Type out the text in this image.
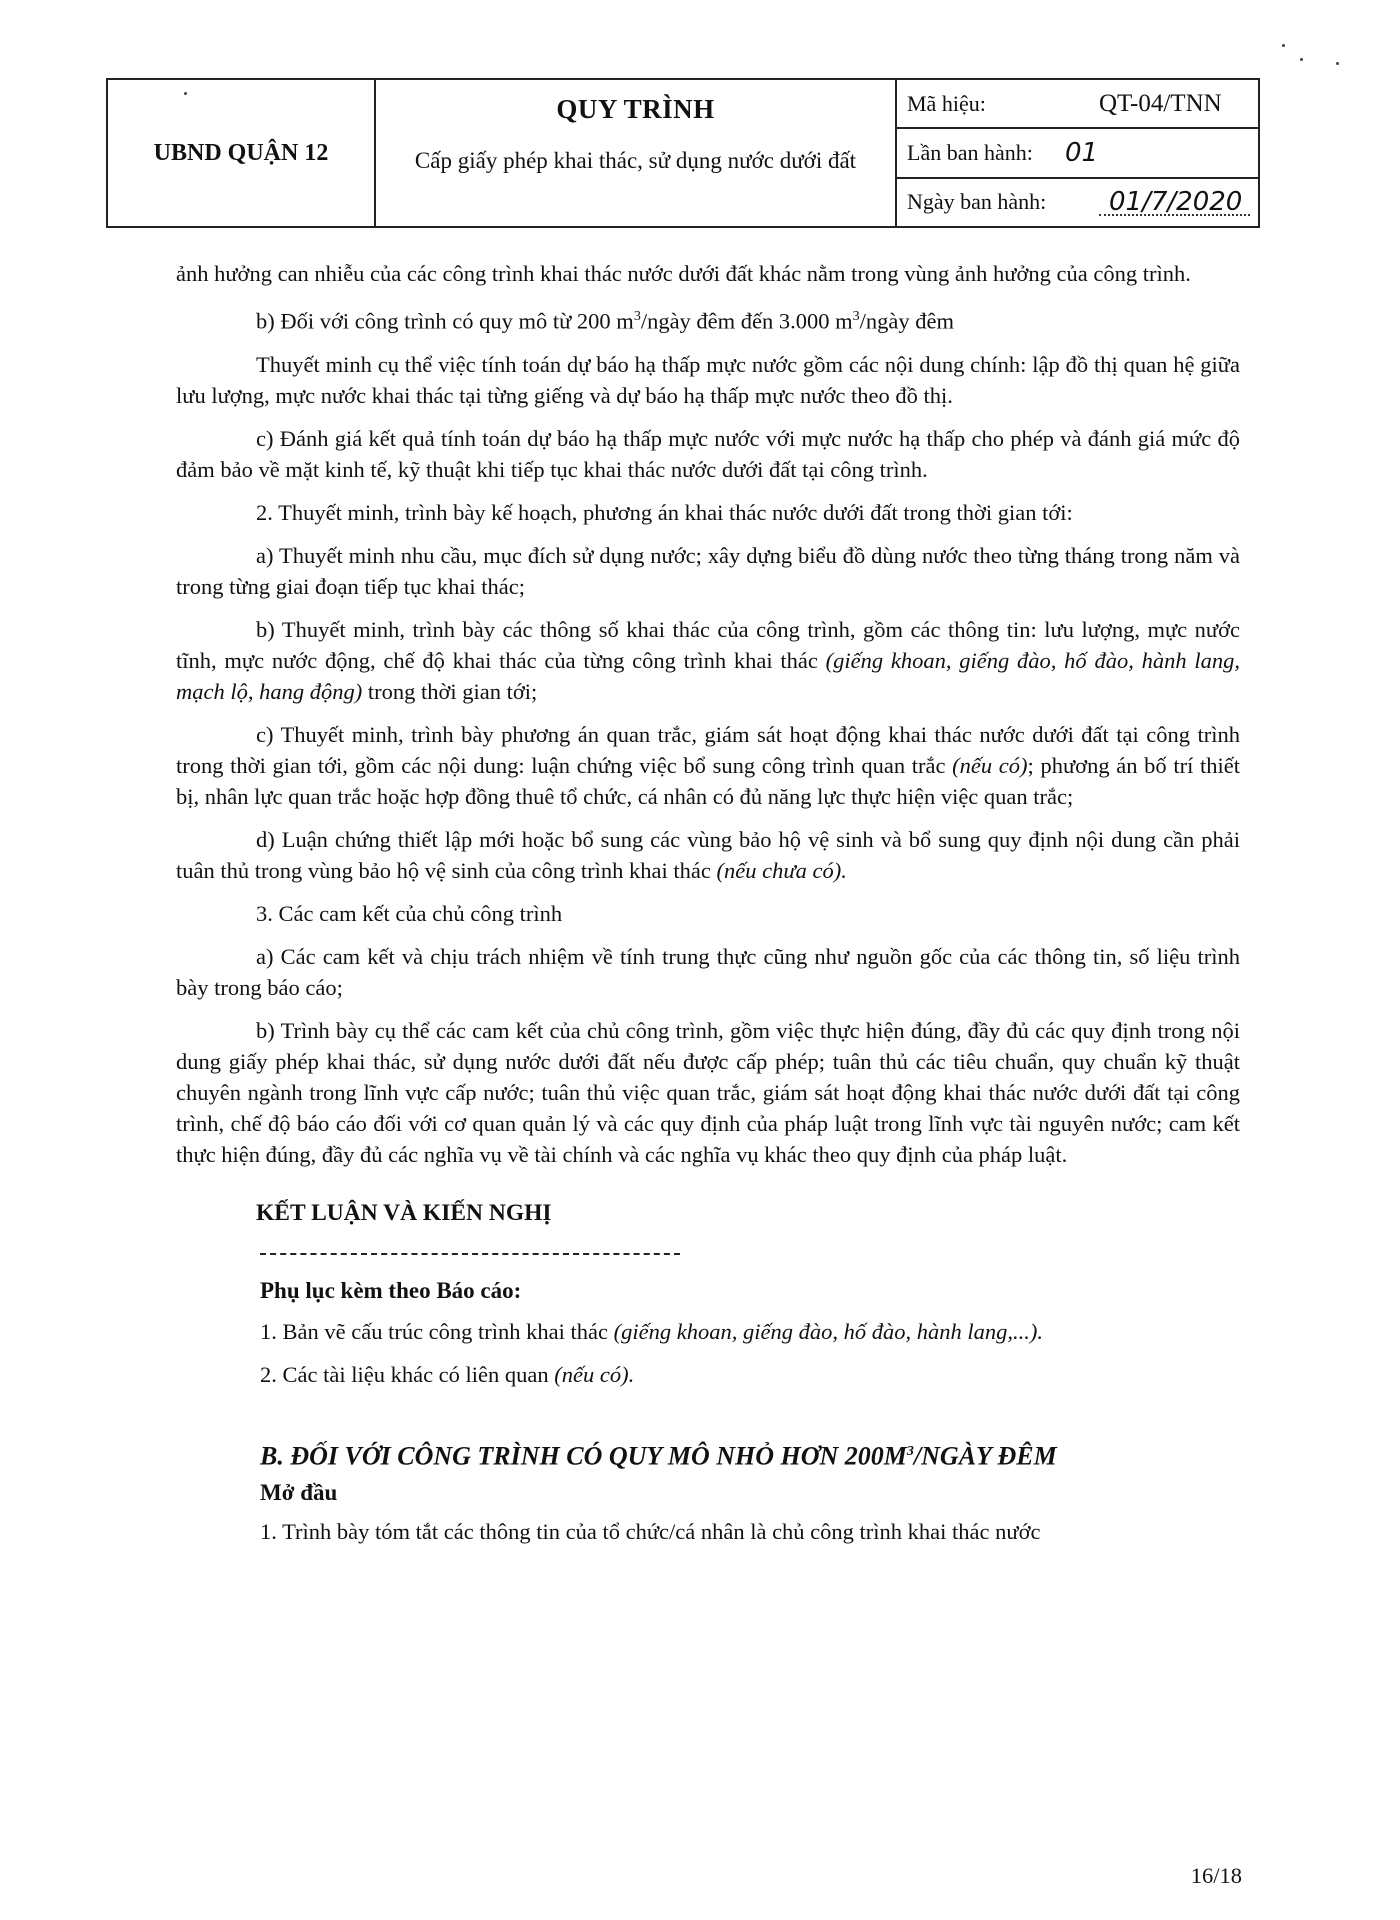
UBND QUẬN 12
QUY TRÌNH
Cấp giấy phép khai thác, sử dụng nước dưới đất
Mã hiệu:	QT-04/TNN
Lần ban hành: 01
Ngày ban hành: 01/7/2020

ảnh hưởng can nhiễu của các công trình khai thác nước dưới đất khác nằm trong vùng ảnh hưởng của công trình.

b) Đối với công trình có quy mô từ 200 $m^3$/ngày đêm đến 3.000 $m^3$/ngày đêm

Thuyết minh cụ thể việc tính toán dự báo hạ thấp mực nước gồm các nội dung chính: lập đồ thị quan hệ giữa lưu lượng, mực nước khai thác tại từng giếng và dự báo hạ thấp mực nước theo đồ thị.

c) Đánh giá kết quả tính toán dự báo hạ thấp mực nước với mực nước hạ thấp cho phép và đánh giá mức độ đảm bảo về mặt kinh tế, kỹ thuật khi tiếp tục khai thác nước dưới đất tại công trình.

2. Thuyết minh, trình bày kế hoạch, phương án khai thác nước dưới đất trong thời gian tới:

a) Thuyết minh nhu cầu, mục đích sử dụng nước; xây dựng biểu đồ dùng nước theo từng tháng trong năm và trong từng giai đoạn tiếp tục khai thác;

b) Thuyết minh, trình bày các thông số khai thác của công trình, gồm các thông tin: lưu lượng, mực nước tĩnh, mực nước động, chế độ khai thác của từng công trình khai thác (giếng khoan, giếng đào, hố đào, hành lang, mạch lộ, hang động) trong thời gian tới;

c) Thuyết minh, trình bày phương án quan trắc, giám sát hoạt động khai thác nước dưới đất tại công trình trong thời gian tới, gồm các nội dung: luận chứng việc bổ sung công trình quan trắc (nếu có); phương án bố trí thiết bị, nhân lực quan trắc hoặc hợp đồng thuê tổ chức, cá nhân có đủ năng lực thực hiện việc quan trắc;

d) Luận chứng thiết lập mới hoặc bổ sung các vùng bảo hộ vệ sinh và bổ sung quy định nội dung cần phải tuân thủ trong vùng bảo hộ vệ sinh của công trình khai thác (nếu chưa có).

3. Các cam kết của chủ công trình

a) Các cam kết và chịu trách nhiệm về tính trung thực cũng như nguồn gốc của các thông tin, số liệu trình bày trong báo cáo;

b) Trình bày cụ thể các cam kết của chủ công trình, gồm việc thực hiện đúng, đầy đủ các quy định trong nội dung giấy phép khai thác, sử dụng nước dưới đất nếu được cấp phép; tuân thủ các tiêu chuẩn, quy chuẩn kỹ thuật chuyên ngành trong lĩnh vực cấp nước; tuân thủ việc quan trắc, giám sát hoạt động khai thác nước dưới đất tại công trình, chế độ báo cáo đối với cơ quan quản lý và các quy định của pháp luật trong lĩnh vực tài nguyên nước; cam kết thực hiện đúng, đầy đủ các nghĩa vụ về tài chính và các nghĩa vụ khác theo quy định của pháp luật.

KẾT LUẬN VÀ KIẾN NGHỊ
Phụ lục kèm theo Báo cáo:
1. Bản vẽ cấu trúc công trình khai thác (giếng khoan, giếng đào, hố đào, hành lang,...).
2. Các tài liệu khác có liên quan (nếu có).
B. ĐỐI VỚI CÔNG TRÌNH CÓ QUY MÔ NHỎ HƠN $200M^3$/NGÀY ĐÊM
Mở đầu
1. Trình bày tóm tắt các thông tin của tổ chức/cá nhân là chủ công trình khai thác nước
16/18
